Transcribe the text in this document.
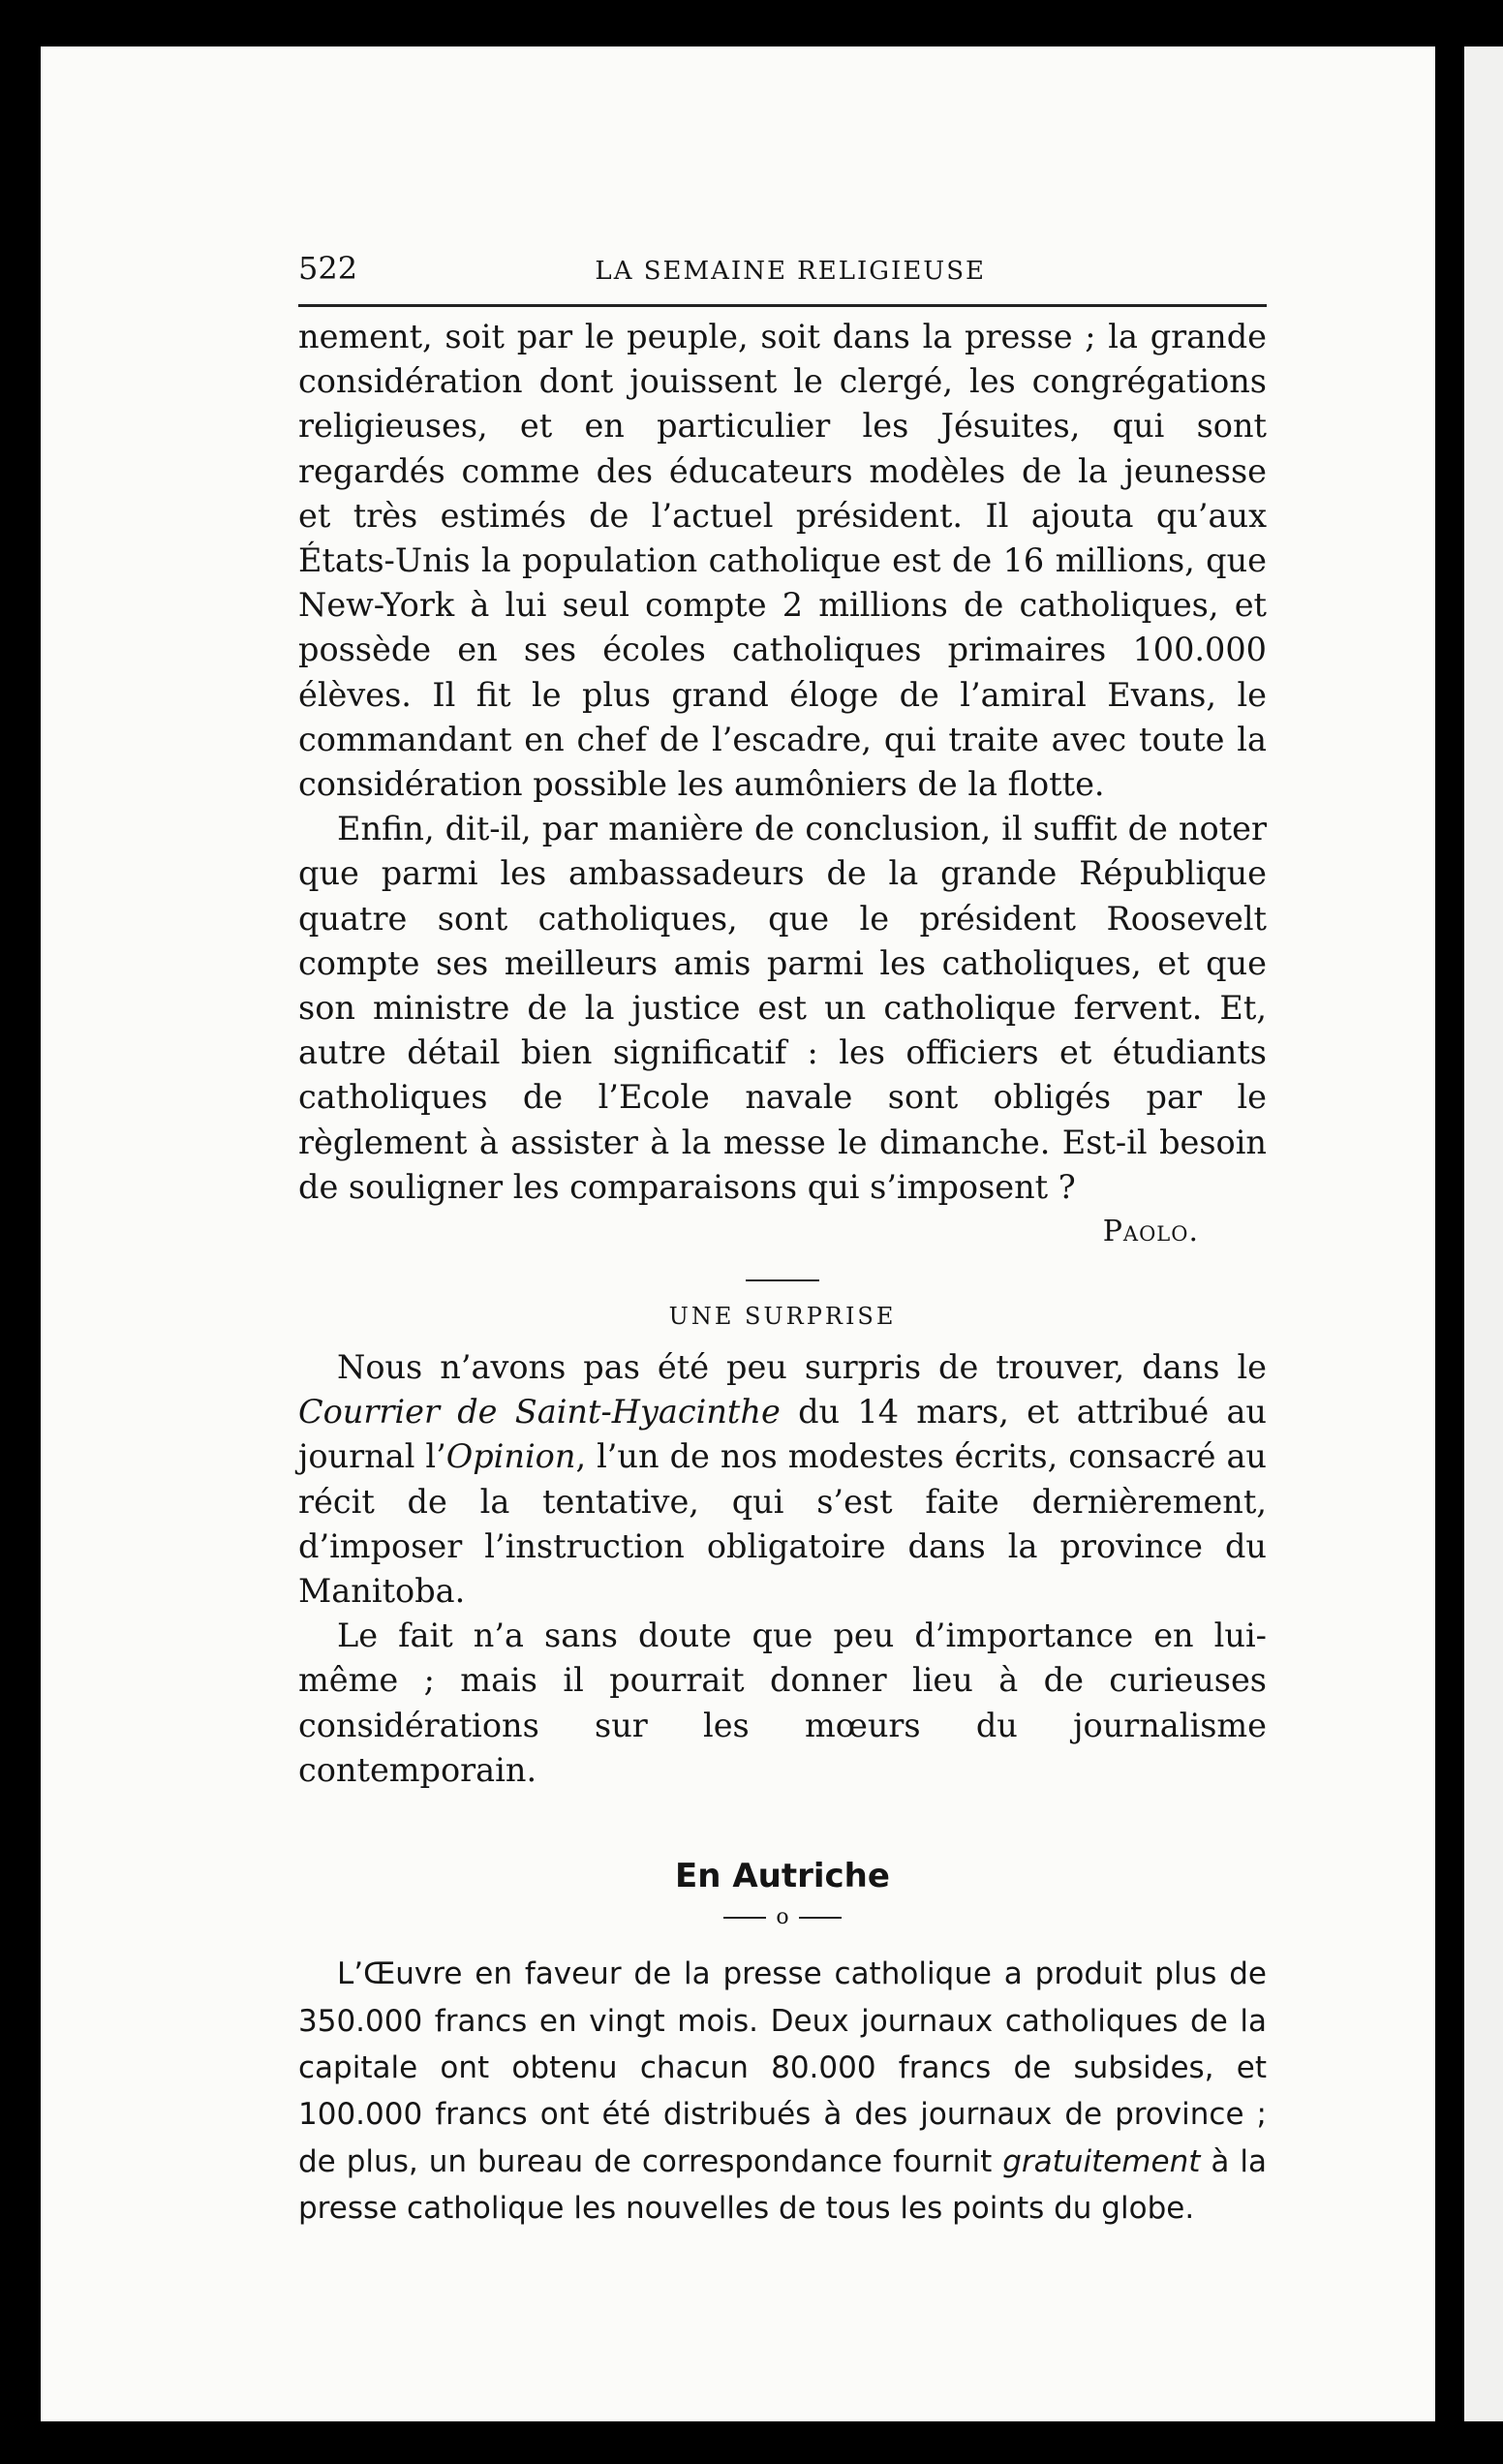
522	LA SEMAINE RELIGIEUSE

nement, soit par le peuple, soit dans la presse ; la grande considération dont jouissent le clergé, les congrégations religieuses, et en particulier les Jésuites, qui sont regardés comme des éducateurs modèles de la jeunesse et très estimés de l’actuel président. Il ajouta qu’aux États-Unis la population catholique est de 16 millions, que New-York à lui seul compte 2 millions de catholiques, et possède en ses écoles catholiques primaires 100.000 élèves. Il fit le plus grand éloge de l’amiral Evans, le commandant en chef de l’escadre, qui traite avec toute la considération possible les aumôniers de la flotte.

Enfin, dit-il, par manière de conclusion, il suffit de noter que parmi les ambassadeurs de la grande République quatre sont catholiques, que le président Roosevelt compte ses meilleurs amis parmi les catholiques, et que son ministre de la justice est un catholique fervent. Et, autre détail bien significatif : les officiers et étudiants catholiques de l’Ecole navale sont obligés par le règlement à assister à la messe le dimanche. Est-il besoin de souligner les comparaisons qui s’imposent ?

Paolo.
UNE SURPRISE

Nous n’avons pas été peu surpris de trouver, dans le Courrier de Saint-Hyacinthe du 14 mars, et attribué au journal l’Opinion, l’un de nos modestes écrits, consacré au récit de la tentative, qui s’est faite dernièrement, d’imposer l’instruction obligatoire dans la province du Manitoba.

Le fait n’a sans doute que peu d’importance en lui-même ; mais il pourrait donner lieu à de curieuses considérations sur les mœurs du journalisme contemporain.

En Autriche
o

L’Œuvre en faveur de la presse catholique a produit plus de 350.000 francs en vingt mois. Deux journaux catholiques de la capitale ont obtenu chacun 80.000 francs de subsides, et 100.000 francs ont été distribués à des journaux de province ; de plus, un bureau de correspondance fournit gratuitement à la presse catholique les nouvelles de tous les points du globe.
